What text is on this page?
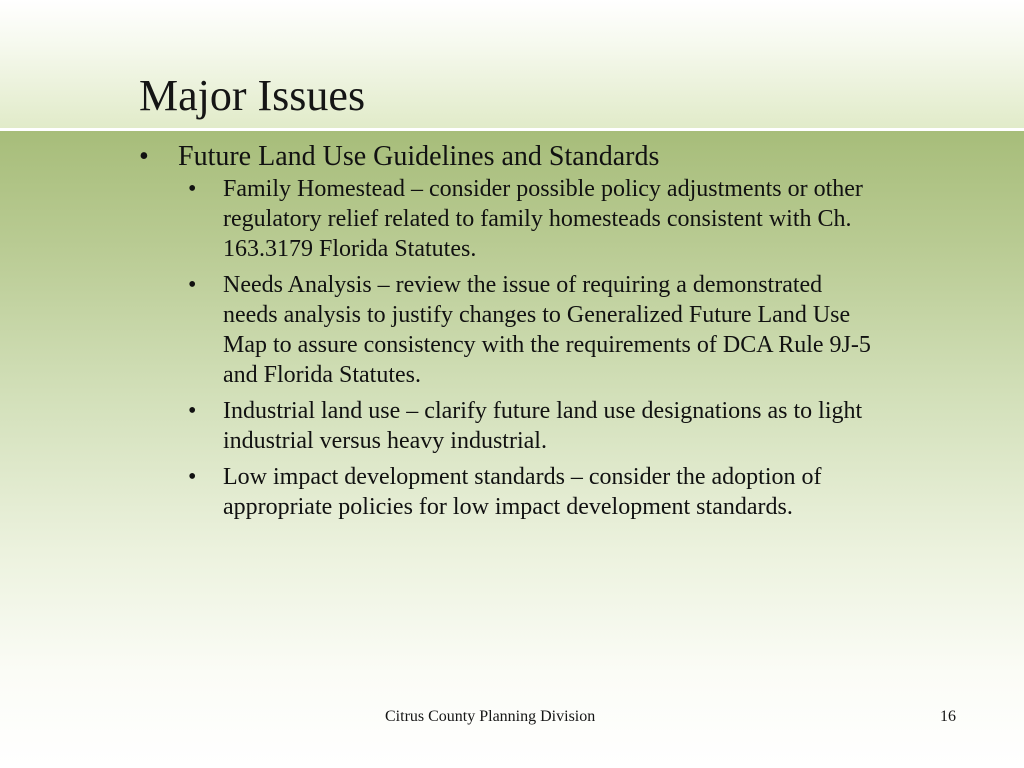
Major Issues
• Future Land Use Guidelines and Standards
• Family Homestead – consider possible policy adjustments or other regulatory relief related to family homesteads consistent with Ch. 163.3179 Florida Statutes.
• Needs Analysis – review the issue of requiring a demonstrated needs analysis to justify changes to Generalized Future Land Use Map to assure consistency with the requirements of DCA Rule 9J-5 and Florida Statutes.
• Industrial land use – clarify future land use designations as to light industrial versus heavy industrial.
• Low impact development standards – consider the adoption of appropriate policies for low impact development standards.
Citrus County Planning Division	16
